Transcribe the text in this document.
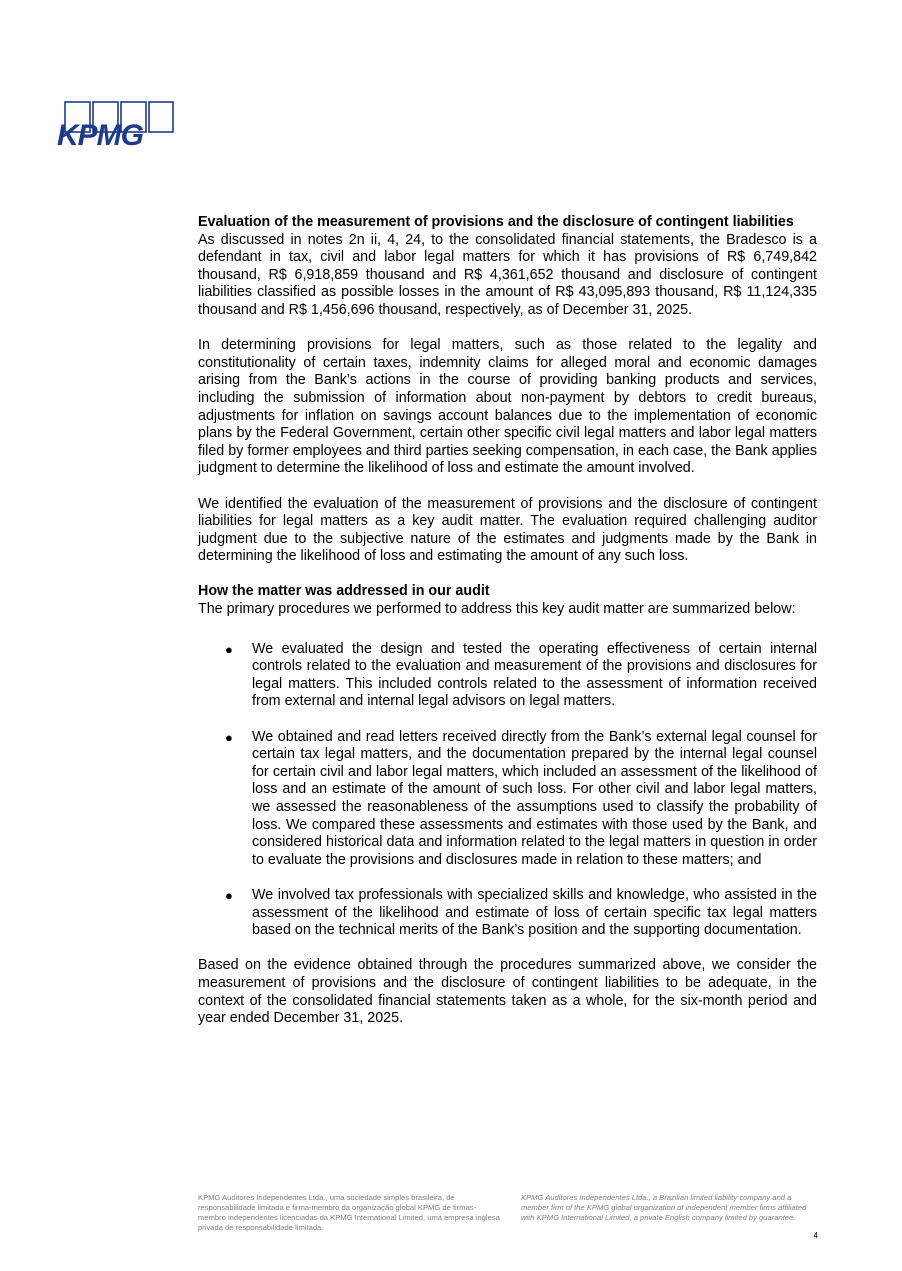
KPMG
Evaluation of the measurement of provisions and the disclosure of contingent liabilities

As discussed in notes 2n ii, 4, 24, to the consolidated financial statements, the Bradesco is a defendant in tax, civil and labor legal matters for which it has provisions of R$ 6,749,842 thousand, R$ 6,918,859 thousand and R$ 4,361,652 thousand and disclosure of contingent liabilities classified as possible losses in the amount of R$ 43,095,893 thousand, R$ 11,124,335 thousand and R$ 1,456,696 thousand, respectively, as of December 31, 2025.

In determining provisions for legal matters, such as those related to the legality and constitutionality of certain taxes, indemnity claims for alleged moral and economic damages arising from the Bank’s actions in the course of providing banking products and services, including the submission of information about non-payment by debtors to credit bureaus, adjustments for inflation on savings account balances due to the implementation of economic plans by the Federal Government, certain other specific civil legal matters and labor legal matters filed by former employees and third parties seeking compensation, in each case, the Bank applies judgment to determine the likelihood of loss and estimate the amount involved.

We identified the evaluation of the measurement of provisions and the disclosure of contingent liabilities for legal matters as a key audit matter. The evaluation required challenging auditor judgment due to the subjective nature of the estimates and judgments made by the Bank in determining the likelihood of loss and estimating the amount of any such loss.

How the matter was addressed in our audit

The primary procedures we performed to address this key audit matter are summarized below:

● We evaluated the design and tested the operating effectiveness of certain internal controls related to the evaluation and measurement of the provisions and disclosures for legal matters. This included controls related to the assessment of information received from external and internal legal advisors on legal matters.
● We obtained and read letters received directly from the Bank’s external legal counsel for certain tax legal matters, and the documentation prepared by the internal legal counsel for certain civil and labor legal matters, which included an assessment of the likelihood of loss and an estimate of the amount of such loss. For other civil and labor legal matters, we assessed the reasonableness of the assumptions used to classify the probability of loss. We compared these assessments and estimates with those used by the Bank, and considered historical data and information related to the legal matters in question in order to evaluate the provisions and disclosures made in relation to these matters; and
● We involved tax professionals with specialized skills and knowledge, who assisted in the assessment of the likelihood and estimate of loss of certain specific tax legal matters based on the technical merits of the Bank’s position and the supporting documentation.

Based on the evidence obtained through the procedures summarized above, we consider the measurement of provisions and the disclosure of contingent liabilities to be adequate, in the context of the consolidated financial statements taken as a whole, for the six-month period and year ended December 31, 2025.

KPMG Auditores Independentes Ltda., uma sociedade simples brasileira, de responsabilidade limitada e firma-membro da organização global KPMG de firmas-membro independentes licenciadas da KPMG International Limited, uma empresa inglesa privada de responsabilidade limitada.
KPMG Auditores Independentes Ltda., a Brazilian limited liability company and a member firm of the KPMG global organization of independent member firms affiliated with KPMG International Limited, a private English company limited by guarantee.
4
